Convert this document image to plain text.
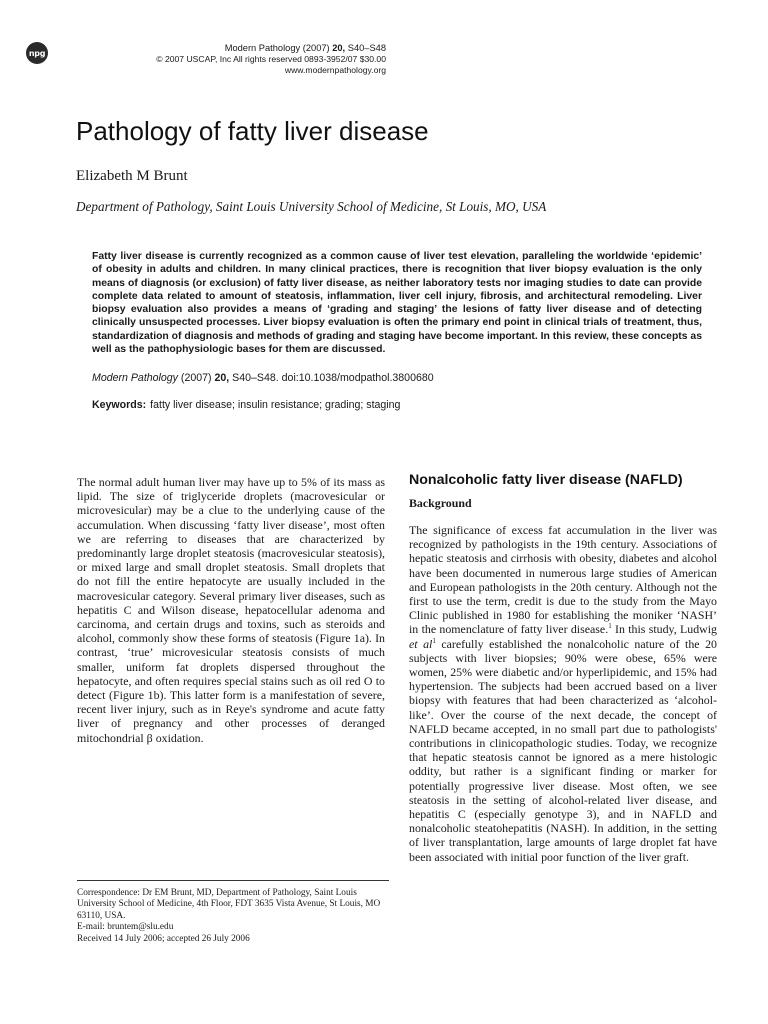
npg	Modern Pathology (2007) 20, S40–S48
© 2007 USCAP, Inc All rights reserved 0893-3952/07 $30.00
www.modernpathology.org
Pathology of fatty liver disease
Elizabeth M Brunt
Department of Pathology, Saint Louis University School of Medicine, St Louis, MO, USA
Fatty liver disease is currently recognized as a common cause of liver test elevation, paralleling the worldwide ‘epidemic’ of obesity in adults and children. In many clinical practices, there is recognition that liver biopsy evaluation is the only means of diagnosis (or exclusion) of fatty liver disease, as neither laboratory tests nor imaging studies to date can provide complete data related to amount of steatosis, inflammation, liver cell injury, fibrosis, and architectural remodeling. Liver biopsy evaluation also provides a means of ‘grading and staging’ the lesions of fatty liver disease and of detecting clinically unsuspected processes. Liver biopsy evaluation is often the primary end point in clinical trials of treatment, thus, standardization of diagnosis and methods of grading and staging have become important. In this review, these concepts as well as the pathophysiologic bases for them are discussed.
Modern Pathology (2007) 20, S40–S48. doi:10.1038/modpathol.3800680
Keywords: fatty liver disease; insulin resistance; grading; staging
The normal adult human liver may have up to 5% of its mass as lipid. The size of triglyceride droplets (macrovesicular or microvesicular) may be a clue to the underlying cause of the accumulation. When discussing ‘fatty liver disease’, most often we are referring to diseases that are characterized by predominantly large droplet steatosis (macrovesicular steatosis), or mixed large and small droplet steatosis. Small droplets that do not fill the entire hepatocyte are usually included in the macrovesicular category. Several primary liver diseases, such as hepatitis C and Wilson disease, hepatocellular adenoma and carcinoma, and certain drugs and toxins, such as steroids and alcohol, commonly show these forms of steatosis (Figure 1a). In contrast, ‘true’ microvesicular steatosis consists of much smaller, uniform fat droplets dispersed throughout the hepatocyte, and often requires special stains such as oil red O to detect (Figure 1b). This latter form is a manifestation of severe, recent liver injury, such as in Reye's syndrome and acute fatty liver of pregnancy and other processes of deranged mitochondrial β oxidation.
Correspondence: Dr EM Brunt, MD, Department of Pathology, Saint Louis University School of Medicine, 4th Floor, FDT 3635 Vista Avenue, St Louis, MO 63110, USA.
E-mail: bruntem@slu.edu
Received 14 July 2006; accepted 26 July 2006
Nonalcoholic fatty liver disease (NAFLD)
Background
The significance of excess fat accumulation in the liver was recognized by pathologists in the 19th century. Associations of hepatic steatosis and cirrhosis with obesity, diabetes and alcohol have been documented in numerous large studies of American and European pathologists in the 20th century. Although not the first to use the term, credit is due to the study from the Mayo Clinic published in 1980 for establishing the moniker ‘NASH’ in the nomenclature of fatty liver disease.$^1$ In this study, Ludwig et $al^1$ carefully established the nonalcoholic nature of the 20 subjects with liver biopsies; 90% were obese, 65% were women, 25% were diabetic and/or hyperlipidemic, and 15% had hypertension. The subjects had been accrued based on a liver biopsy with features that had been characterized as ‘alcohol-like’. Over the course of the next decade, the concept of NAFLD became accepted, in no small part due to pathologists' contributions in clinicopathologic studies. Today, we recognize that hepatic steatosis cannot be ignored as a mere histologic oddity, but rather is a significant finding or marker for potentially progressive liver disease. Most often, we see steatosis in the setting of alcohol-related liver disease, and hepatitis C (especially genotype 3), and in NAFLD and nonalcoholic steatohepatitis (NASH). In addition, in the setting of liver transplantation, large amounts of large droplet fat have been associated with initial poor function of the liver graft.
